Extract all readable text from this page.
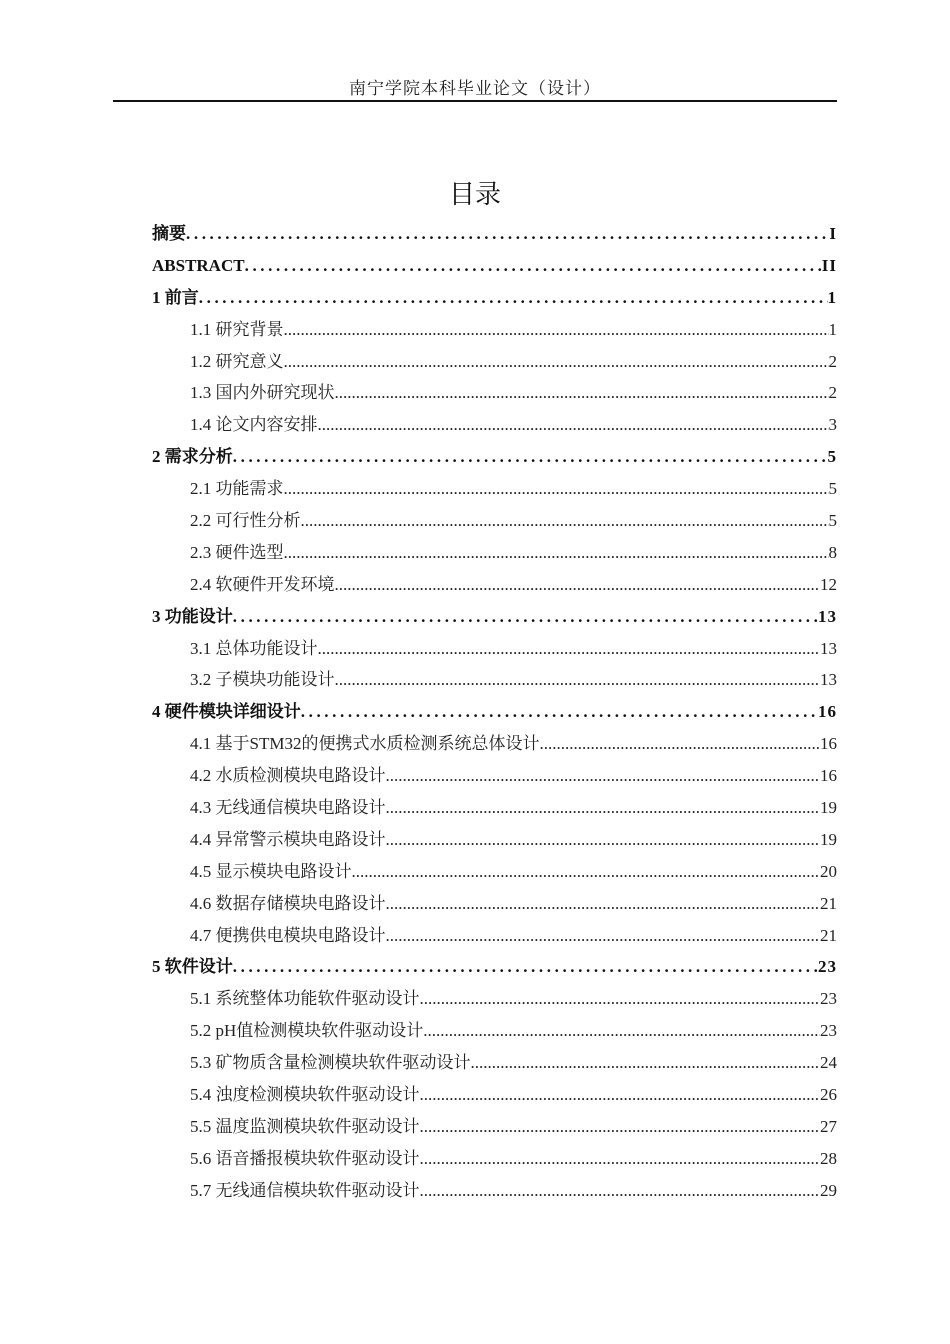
南宁学院本科毕业论文（设计）
目录
摘要 .....	I
ABSTRACT .....	II
1 前言 .....	1
1.1 研究背景 .....	1
1.2 研究意义 .....	2
1.3 国内外研究现状 .....	2
1.4 论文内容安排 .....	3
2 需求分析 .....	5
2.1 功能需求 .....	5
2.2 可行性分析 .....	5
2.3 硬件选型 .....	8
2.4 软硬件开发环境 .....	12
3 功能设计 .....	13
3.1 总体功能设计 .....	13
3.2 子模块功能设计 .....	13
4 硬件模块详细设计 .....	16
4.1 基于STM32的便携式水质检测系统总体设计 .....	16
4.2 水质检测模块电路设计 .....	16
4.3 无线通信模块电路设计 .....	19
4.4 异常警示模块电路设计 .....	19
4.5 显示模块电路设计 .....	20
4.6 数据存储模块电路设计 .....	21
4.7 便携供电模块电路设计 .....	21
5 软件设计 .....	23
5.1 系统整体功能软件驱动设计 .....	23
5.2 pH值检测模块软件驱动设计 .....	23
5.3 矿物质含量检测模块软件驱动设计 .....	24
5.4 浊度检测模块软件驱动设计 .....	26
5.5 温度监测模块软件驱动设计 .....	27
5.6 语音播报模块软件驱动设计 .....	28
5.7 无线通信模块软件驱动设计 .....	29
